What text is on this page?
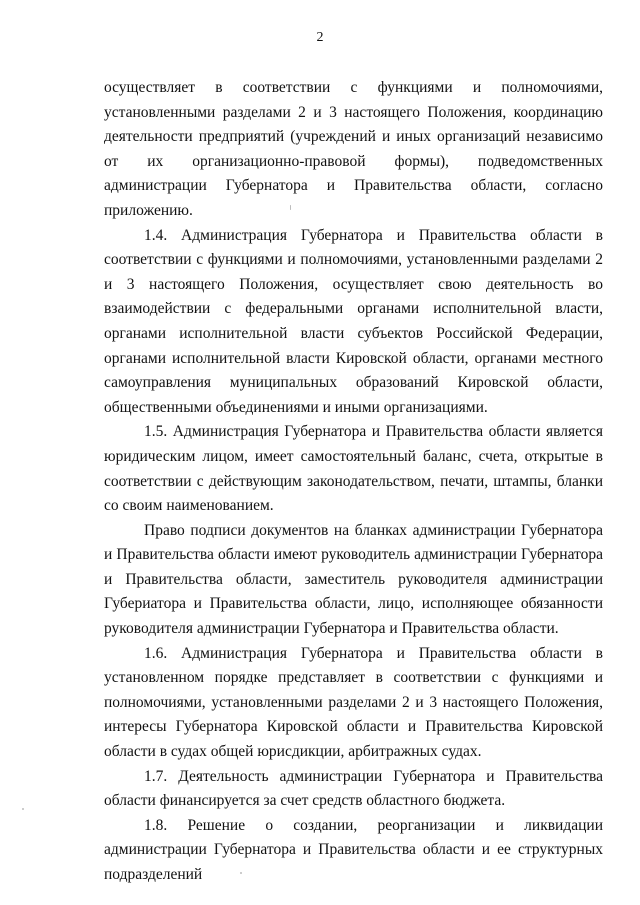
2

осуществляет в соответствии с функциями и полномочиями, установленными разделами 2 и 3 настоящего Положения, координацию деятельности предприятий (учреждений и иных организаций независимо от их организационно-правовой формы), подведомственных администрации Губернатора и Правительства области, согласно приложению.

1.4. Администрация Губернатора и Правительства области в соответствии с функциями и полномочиями, установленными разделами 2 и 3 настоящего Положения, осуществляет свою деятельность во взаимодействии с федеральными органами исполнительной власти, органами исполнительной власти субъектов Российской Федерации, органами исполнительной власти Кировской области, органами местного самоуправления муниципальных образований Кировской области, общественными объединениями и иными организациями.

1.5. Администрация Губернатора и Правительства области является юридическим лицом, имеет самостоятельный баланс, счета, открытые в соответствии с действующим законодательством, печати, штампы, бланки со своим наименованием.

Право подписи документов на бланках администрации Губернатора и Правительства области имеют руководитель администрации Губернатора и Правительства области, заместитель руководителя администрации Губериатора и Правительства области, лицо, исполняющее обязанности руководителя администрации Губернатора и Правительства области.

1.6. Администрация Губернатора и Правительства области в установленном порядке представляет в соответствии с функциями и полномочиями, установленными разделами 2 и 3 настоящего Положения, интересы Губернатора Кировской области и Правительства Кировской области в судах общей юрисдикции, арбитражных судах.

1.7. Деятельность администрации Губернатора и Правительства области финансируется за счет средств областного бюджета.

1.8. Решение о создании, реорганизации и ликвидации администрации Губернатора и Правительства области и ее структурных подразделений
